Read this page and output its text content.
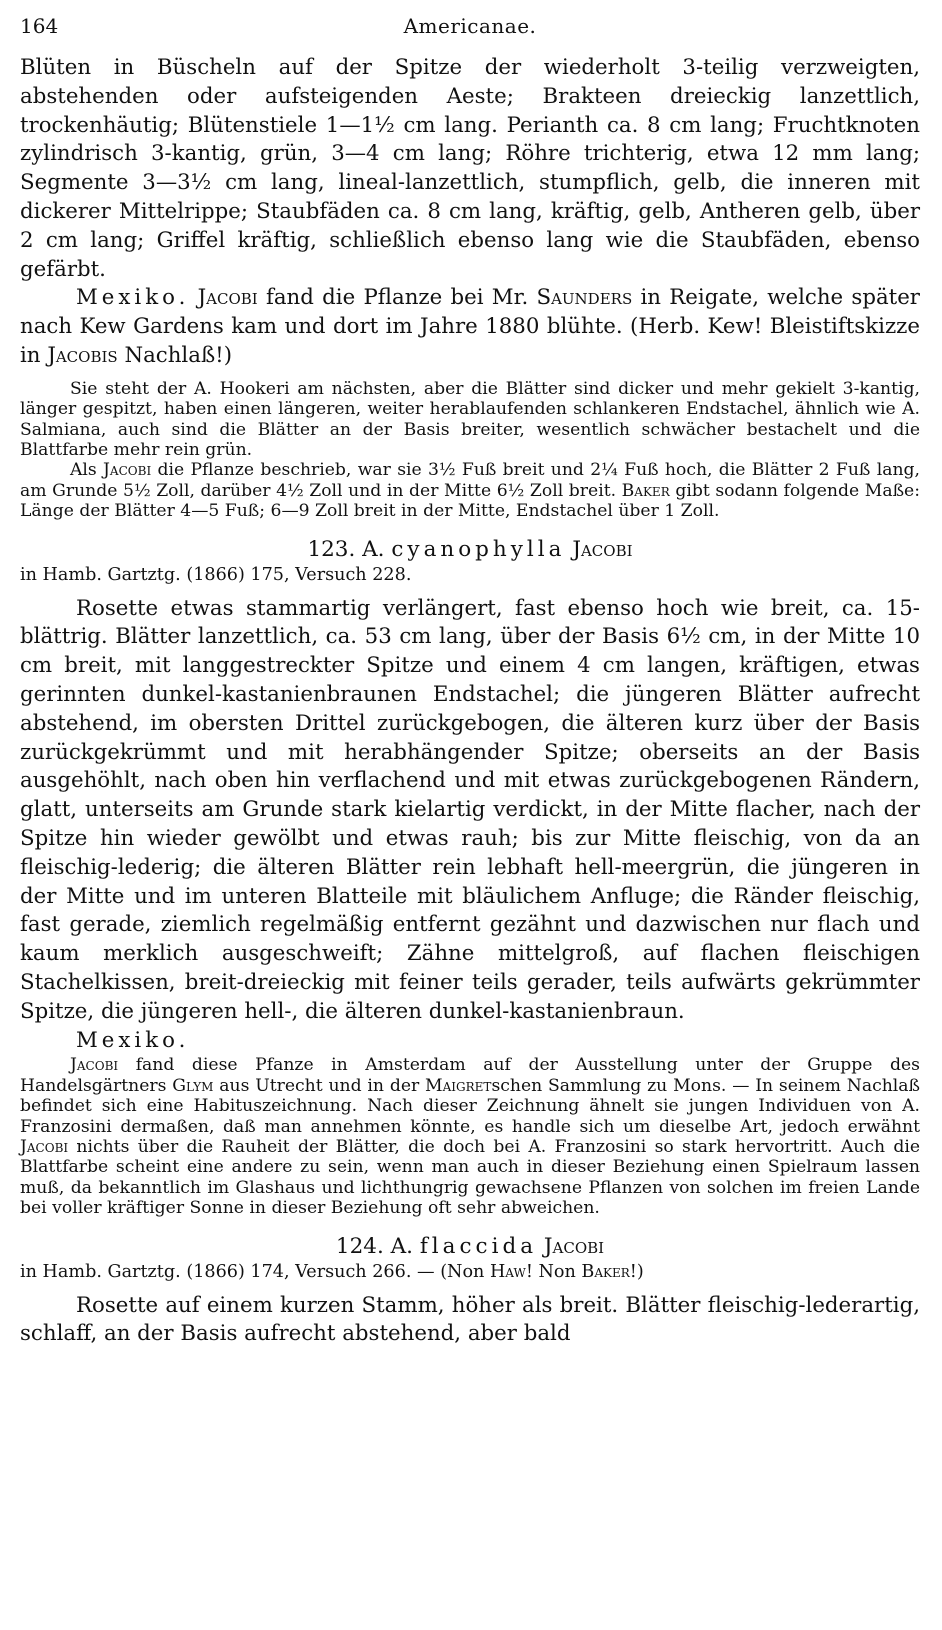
164	Americanae.

Blüten in Büscheln auf der Spitze der wiederholt 3-teilig verzweigten, abstehenden oder aufsteigenden Aeste; Brakteen dreieckig lanzettlich, trockenhäutig; Blütenstiele 1—1½ cm lang. Perianth ca. 8 cm lang; Fruchtknoten zylindrisch 3-kantig, grün, 3—4 cm lang; Röhre trichterig, etwa 12 mm lang; Segmente 3—3½ cm lang, lineal-lanzettlich, stumpflich, gelb, die inneren mit dickerer Mittelrippe; Staubfäden ca. 8 cm lang, kräftig, gelb, Antheren gelb, über 2 cm lang; Griffel kräftig, schließlich ebenso lang wie die Staubfäden, ebenso gefärbt.

Mexiko. Jacobi fand die Pflanze bei Mr. Saunders in Reigate, welche später nach Kew Gardens kam und dort im Jahre 1880 blühte. (Herb. Kew! Bleistiftskizze in Jacobis Nachlaß!)

Sie steht der A. Hookeri am nächsten, aber die Blätter sind dicker und mehr gekielt 3-kantig, länger gespitzt, haben einen längeren, weiter herablaufenden schlankeren Endstachel, ähnlich wie A. Salmiana, auch sind die Blätter an der Basis breiter, wesentlich schwächer bestachelt und die Blattfarbe mehr rein grün.

Als Jacobi die Pflanze beschrieb, war sie 3½ Fuß breit und 2¼ Fuß hoch, die Blätter 2 Fuß lang, am Grunde 5½ Zoll, darüber 4½ Zoll und in der Mitte 6½ Zoll breit. Baker gibt sodann folgende Maße: Länge der Blätter 4—5 Fuß; 6—9 Zoll breit in der Mitte, Endstachel über 1 Zoll.

123. A. cyanophylla Jacobi

in Hamb. Gartztg. (1866) 175, Versuch 228.

Rosette etwas stammartig verlängert, fast ebenso hoch wie breit, ca. 15-blättrig. Blätter lanzettlich, ca. 53 cm lang, über der Basis 6½ cm, in der Mitte 10 cm breit, mit langgestreckter Spitze und einem 4 cm langen, kräftigen, etwas gerinnten dunkel-kastanienbraunen Endstachel; die jüngeren Blätter aufrecht abstehend, im obersten Drittel zurückgebogen, die älteren kurz über der Basis zurückgekrümmt und mit herabhängender Spitze; oberseits an der Basis ausgehöhlt, nach oben hin verflachend und mit etwas zurückgebogenen Rändern, glatt, unterseits am Grunde stark kielartig verdickt, in der Mitte flacher, nach der Spitze hin wieder gewölbt und etwas rauh; bis zur Mitte fleischig, von da an fleischig-lederig; die älteren Blätter rein lebhaft hell-meergrün, die jüngeren in der Mitte und im unteren Blatteile mit bläulichem Anfluge; die Ränder fleischig, fast gerade, ziemlich regelmäßig entfernt gezähnt und dazwischen nur flach und kaum merklich ausgeschweift; Zähne mittelgroß, auf flachen fleischigen Stachelkissen, breit-dreieckig mit feiner teils gerader, teils aufwärts gekrümmter Spitze, die jüngeren hell-, die älteren dunkel-kastanienbraun.

Mexiko.

Jacobi fand diese Pfanze in Amsterdam auf der Ausstellung unter der Gruppe des Handelsgärtners Glym aus Utrecht und in der Maigretschen Sammlung zu Mons. — In seinem Nachlaß befindet sich eine Habituszeichnung. Nach dieser Zeichnung ähnelt sie jungen Individuen von A. Franzosini dermaßen, daß man annehmen könnte, es handle sich um dieselbe Art, jedoch erwähnt Jacobi nichts über die Rauheit der Blätter, die doch bei A. Franzosini so stark hervortritt. Auch die Blattfarbe scheint eine andere zu sein, wenn man auch in dieser Beziehung einen Spielraum lassen muß, da bekanntlich im Glashaus und lichthungrig gewachsene Pflanzen von solchen im freien Lande bei voller kräftiger Sonne in dieser Beziehung oft sehr abweichen.

124. A. flaccida Jacobi

in Hamb. Gartztg. (1866) 174, Versuch 266. — (Non Haw! Non Baker!)

Rosette auf einem kurzen Stamm, höher als breit. Blätter fleischig-lederartig, schlaff, an der Basis aufrecht abstehend, aber bald
